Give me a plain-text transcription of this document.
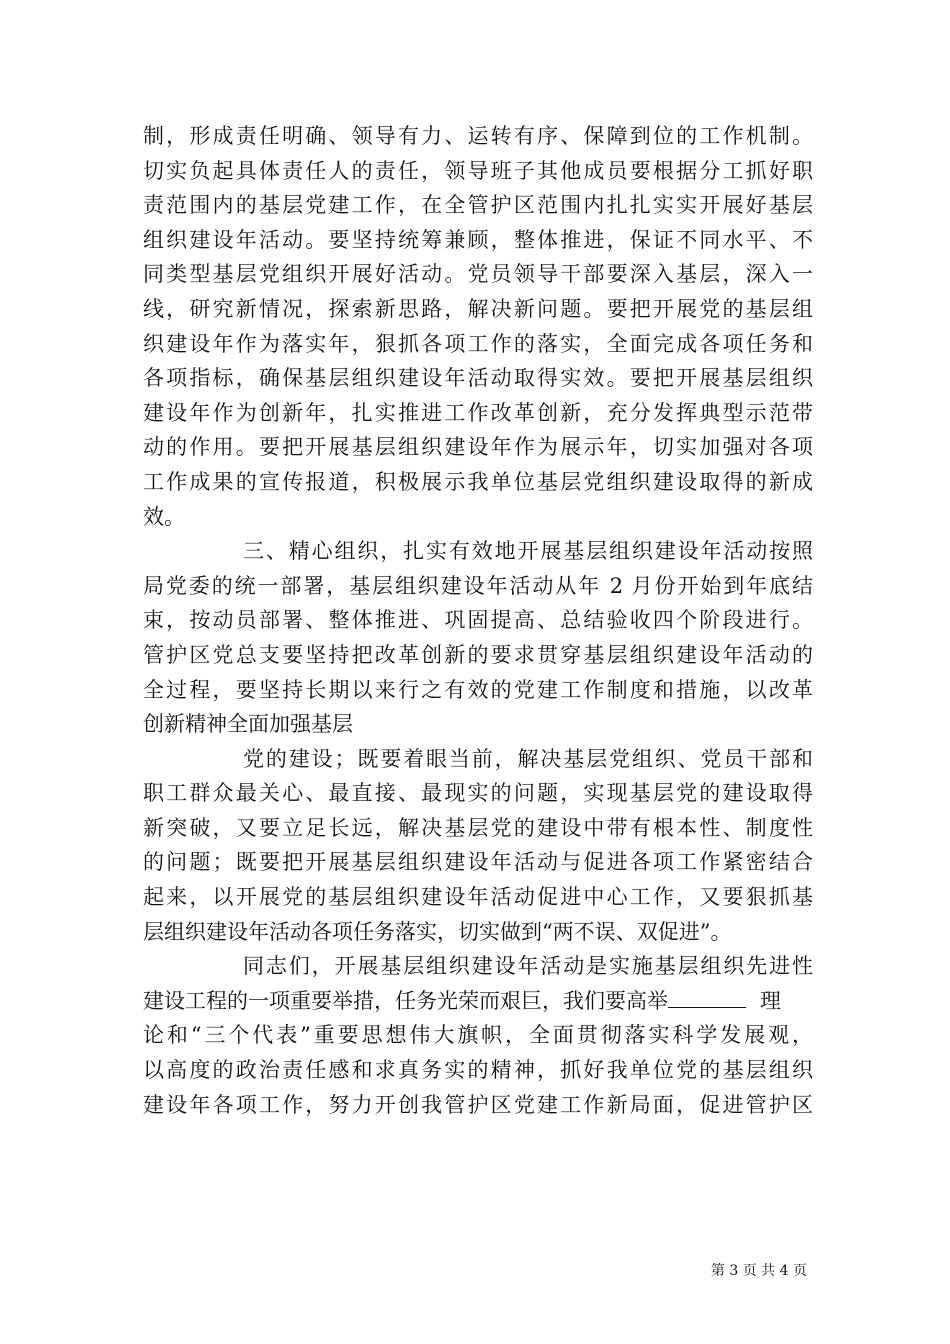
制，形成责任明确、领导有力、运转有序、保障到位的工作机制。
切实负起具体责任人的责任，领导班子其他成员要根据分工抓好职
责范围内的基层党建工作，在全管护区范围内扎扎实实开展好基层
组织建设年活动。要坚持统筹兼顾，整体推进，保证不同水平、不
同类型基层党组织开展好活动。党员领导干部要深入基层，深入一
线，研究新情况，探索新思路，解决新问题。要把开展党的基层组
织建设年作为落实年，狠抓各项工作的落实，全面完成各项任务和
各项指标，确保基层组织建设年活动取得实效。要把开展基层组织
建设年作为创新年，扎实推进工作改革创新，充分发挥典型示范带
动的作用。要把开展基层组织建设年作为展示年，切实加强对各项
工作成果的宣传报道，积极展示我单位基层党组织建设取得的新成
效。
三、精心组织，扎实有效地开展基层组织建设年活动按照
局党委的统一部署，基层组织建设年活动从年 2 月份开始到年底结
束，按动员部署、整体推进、巩固提高、总结验收四个阶段进行。
管护区党总支要坚持把改革创新的要求贯穿基层组织建设年活动的
全过程，要坚持长期以来行之有效的党建工作制度和措施，以改革
创新精神全面加强基层
党的建设；既要着眼当前，解决基层党组织、党员干部和
职工群众最关心、最直接、最现实的问题，实现基层党的建设取得
新突破，又要立足长远，解决基层党的建设中带有根本性、制度性
的问题；既要把开展基层组织建设年活动与促进各项工作紧密结合
起来，以开展党的基层组织建设年活动促进中心工作，又要狠抓基
层组织建设年活动各项任务落实，切实做到“两不误、双促进”。
同志们，开展基层组织建设年活动是实施基层组织先进性
建设工程的一项重要举措，任务光荣而艰巨，我们要高举	理
论和“三个代表”重要思想伟大旗帜，全面贯彻落实科学发展观，
以高度的政治责任感和求真务实的精神，抓好我单位党的基层组织
建设年各项工作，努力开创我管护区党建工作新局面，促进管护区
第 3 页 共 4 页
